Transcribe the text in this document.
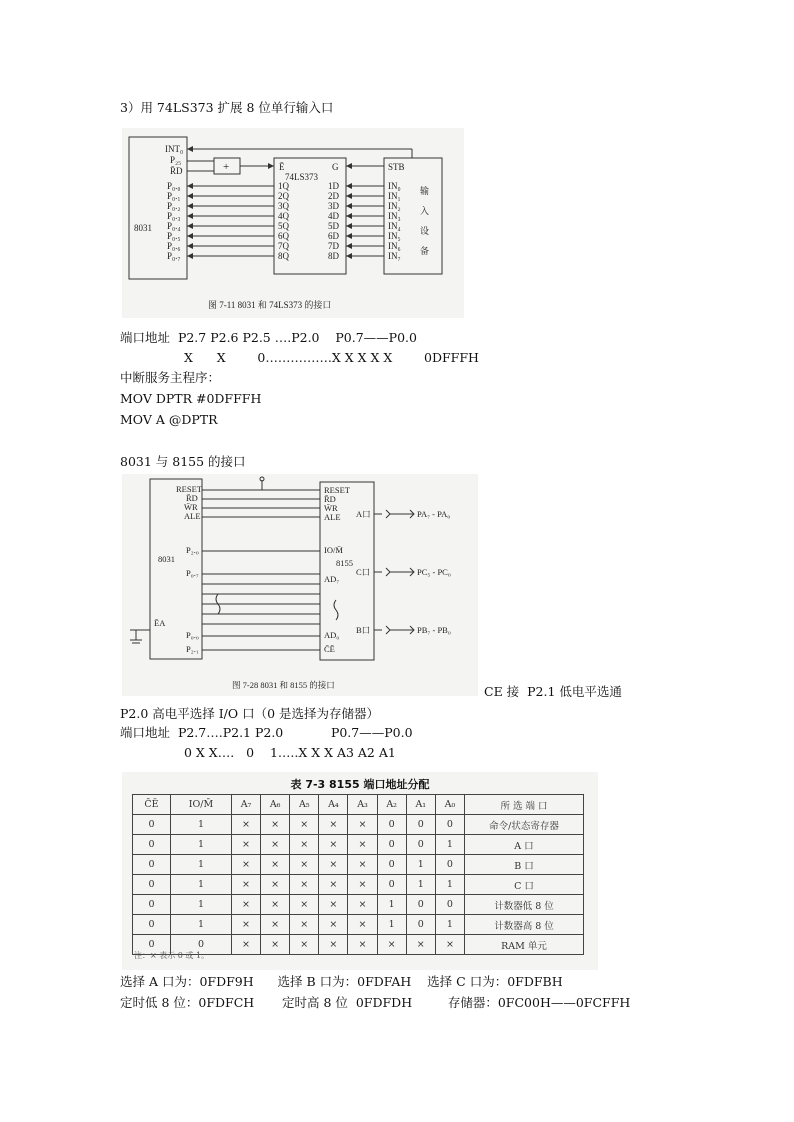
3）用 74LS373 扩展 8 位单行输入口
8031
INT₀
P₂₅
R̄D
P₀.₀
P₀.₁
P₀.₂
P₀.₃
P₀.₄
P₀.₅
P₀.₆
P₀.₇
+	Ē	G
74LS373
1Q
2Q
3Q
4Q
5Q
6Q
7Q
8Q
1D
2D
3D
4D
5D
6D
7D
8D
STB
IN₀
IN₁
IN₂
IN₃
IN₄
IN₅
IN₆
IN₇
输
入
设
备
图 7-11 8031 和 74LS373 的接口
端口地址  P2.7 P2.6 P2.5 ….P2.0    P0.7——P0.0
X      X        0…………….X X X X X        0DFFFH
中断服务主程序：
MOV DPTR #0DFFFH
MOV A @DPTR
8031 与 8155 的接口
8031
RESET
R̄D
W̄R
ALE
P₂.₀
P₀.₇
ĒA
P₀.₀
P₂.₁
RESET
R̄D
W̄R
ALE
IO/M̄
8155
AD₇
AD₀
C̄Ē
A口
C口
B口
PA₇ - PA₀
PC₅ - PC₀
PB₇ - PB₀
图 7-28 8031 和 8155 的接口	CE 接  P2.1 低电平选通
P2.0 高电平选择 I/O 口（0 是选择为存储器）
端口地址  P2.7….P2.1 P2.0            P0.7——P0.0
0 X X….   0    1…..X X X A3 A2 A1
表 7-3 8155 端口地址分配
C̄Ē	IO/M̄	A₇	A₆	A₅	A₄	A₃	A₂	A₁	A₀	所 选 端 口
0	1	×	×	×	×	×	0	0	0	命令/状态寄存器
0	1	×	×	×	×	×	0	0	1	A 口
0	1	×	×	×	×	×	0	1	0	B 口
0	1	×	×	×	×	×	0	1	1	C 口
0	1	×	×	×	×	×	1	0	0	计数器低 8 位
0	1	×	×	×	×	×	1	0	1	计数器高 8 位
0	0	×	×	×	×	×	×	×	×	RAM 单元
注：× 表示 0 或 1。
选择 A 口为：0FDF9H      选择 B 口为：0FDFAH    选择 C 口为：0FDFBH
定时低 8 位：0FDFCH       定时高 8 位  0FDFDH         存储器：0FC00H——0FCFFH
